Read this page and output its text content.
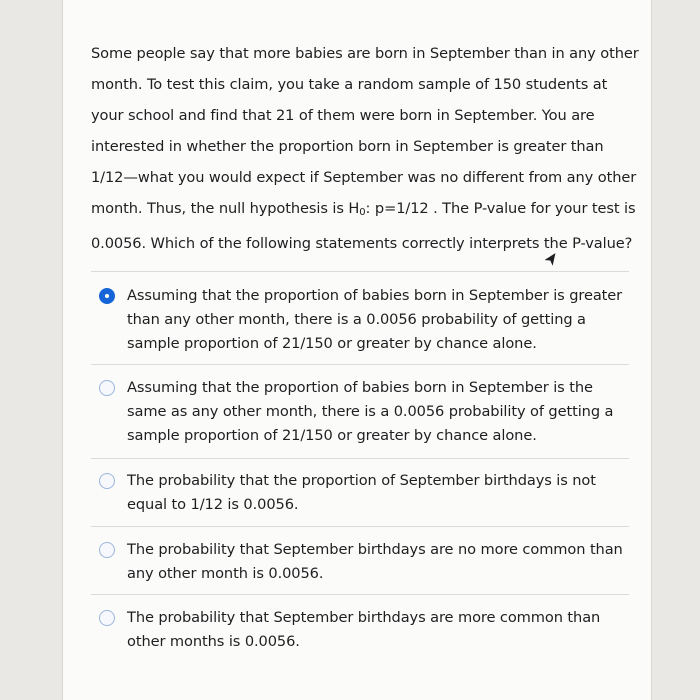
Some people say that more babies are born in September than in any other month. To test this claim, you take a random sample of 150 students at your school and find that 21 of them were born in September. You are interested in whether the proportion born in September is greater than 1/12—what you would expect if September was no different from any other month. Thus, the null hypothesis is $H_0$: p=1/12 . The P-value for your test is 0.0056. Which of the following statements correctly interprets the P-value?
Assuming that the proportion of babies born in September is greater than any other month, there is a 0.0056 probability of getting a sample proportion of 21/150 or greater by chance alone.
Assuming that the proportion of babies born in September is the same as any other month, there is a 0.0056 probability of getting a sample proportion of 21/150 or greater by chance alone.
The probability that the proportion of September birthdays is not equal to 1/12 is 0.0056.
The probability that September birthdays are no more common than any other month is 0.0056.
The probability that September birthdays are more common than other months is 0.0056.
